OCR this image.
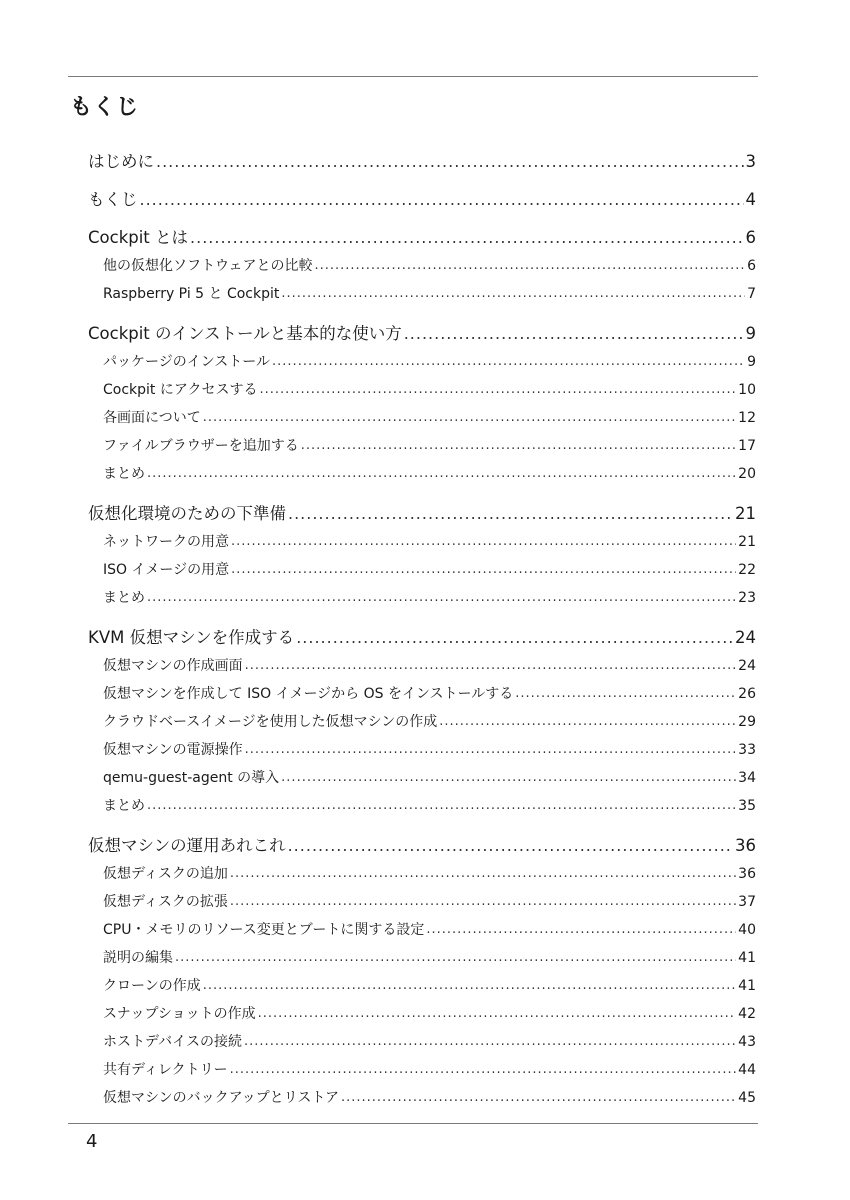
もくじ
はじめに .....	3
もくじ .....	4
Cockpit とは .....	6
他の仮想化ソフトウェアとの比較 .....	6
Raspberry Pi 5 と Cockpit .....	7
Cockpit のインストールと基本的な使い方 .....	9
パッケージのインストール .....	9
Cockpit にアクセスする .....	10
各画面について .....	12
ファイルブラウザーを追加する .....	17
まとめ .....	20
仮想化環境のための下準備 .....	21
ネットワークの用意 .....	21
ISO イメージの用意 .....	22
まとめ .....	23
KVM 仮想マシンを作成する .....	24
仮想マシンの作成画面 .....	24
仮想マシンを作成して ISO イメージから OS をインストールする .....	26
クラウドベースイメージを使用した仮想マシンの作成 .....	29
仮想マシンの電源操作 .....	33
qemu-guest-agent の導入 .....	34
まとめ .....	35
仮想マシンの運用あれこれ .....	36
仮想ディスクの追加 .....	36
仮想ディスクの拡張 .....	37
CPU・メモリのリソース変更とブートに関する設定 .....	40
説明の編集 .....	41
クローンの作成 .....	41
スナップショットの作成 .....	42
ホストデバイスの接続 .....	43
共有ディレクトリー .....	44
仮想マシンのバックアップとリストア .....	45
4
